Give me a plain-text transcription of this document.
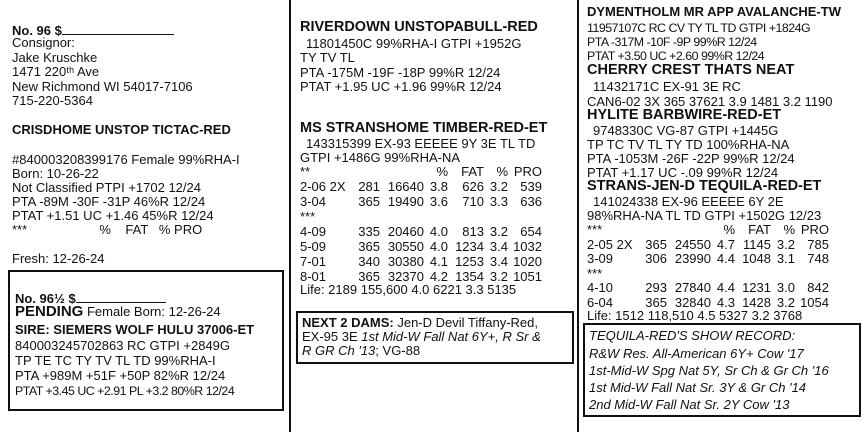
No. 96 $
Consignor:
Jake Kruschke
1471 220ᵗʰ Ave
New Richmond WI 54017-7106
715-220-5364
CRISDHOME UNSTOP TICTAC-RED
#840003208399176 Female 99%RHA-I
Born: 10-26-22
Not Classified PTPI +1702 12/24
PTA -89M -30F -31P 46%R 12/24
PTAT +1.51 UC +1.46 45%R 12/24
***                    %    FAT   % PRO
Fresh: 12-26-24
No. 96½ $
PENDING Female Born: 12-26-24
SIRE: SIEMERS WOLF HULU 37006-ET
840003245702863 RC GTPI +2849G
TP TE TC TY TV TL TD 99%RHA-I
PTA +989M +51F +50P 82%R 12/24
PTAT +3.45 UC +2.91 PL +3.2 80%R 12/24
RIVERDOWN UNSTOPABULL-RED
11801450C 99%RHA-I GTPI +1952G
TY TV TL
PTA -175M -19F -18P 99%R 12/24
PTAT +1.95 UC +1.96 99%R 12/24
MS STRANSHOME TIMBER-RED-ET
143315399 EX-93 EEEEE 9Y 3E TL TD
GTPI +1486G 99%RHA-NA
**	% FAT % PRO
2-06 2X 281 16640 3.8 626 3.2 539
3-04 365 19490 3.6 710 3.3 636
***
4-09 335 20460 4.0 813 3.2 654
5-09 365 30550 4.0 1234 3.4 1032
7-01 340 30380 4.1 1253 3.4 1020
8-01 365 32370 4.2 1354 3.2 1051
Life: 2189 155,600 4.0 6221 3.3 5135
NEXT 2 DAMS: Jen-D Devil Tiffany-Red,
EX-95 3E 1st Mid-W Fall Nat 6Y+, R Sr &
R GR Ch '13; VG-88
DYMENTHOLM MR APP AVALANCHE-TW
11957107C RC CV TY TL TD GTPI +1824G
PTA -317M -10F -9P 99%R 12/24
PTAT +3.50 UC +2.60 99%R 12/24
CHERRY CREST THATS NEAT
11432171C EX-91 3E RC
CAN6-02 3X 365 37621 3.9 1481 3.2 1190
HYLITE BARBWIRE-RED-ET
9748330C VG-87 GTPI +1445G
TP TC TV TL TY TD 100%RHA-NA
PTA -1053M -26F -22P 99%R 12/24
PTAT +1.17 UC -.09 99%R 12/24
STRANS-JEN-D TEQUILA-RED-ET
141024338 EX-96 EEEEE 6Y 2E
98%RHA-NA TL TD GTPI +1502G 12/23
***	% FAT % PRO
2-05 2X 365 24550 4.7 1145 3.2 785
3-09 306 23990 4.4 1048 3.1 748
***
4-10 293 27840 4.4 1231 3.0 842
6-04 365 32840 4.3 1428 3.2 1054
Life: 1512 118,510 4.5 5327 3.2 3768
TEQUILA-RED'S SHOW RECORD:
R&W Res. All-American 6Y+ Cow '17
1st-Mid-W Spg Nat 5Y, Sr Ch & Gr Ch '16
1st Mid-W Fall Nat Sr. 3Y & Gr Ch '14
2nd Mid-W Fall Nat Sr. 2Y Cow '13
